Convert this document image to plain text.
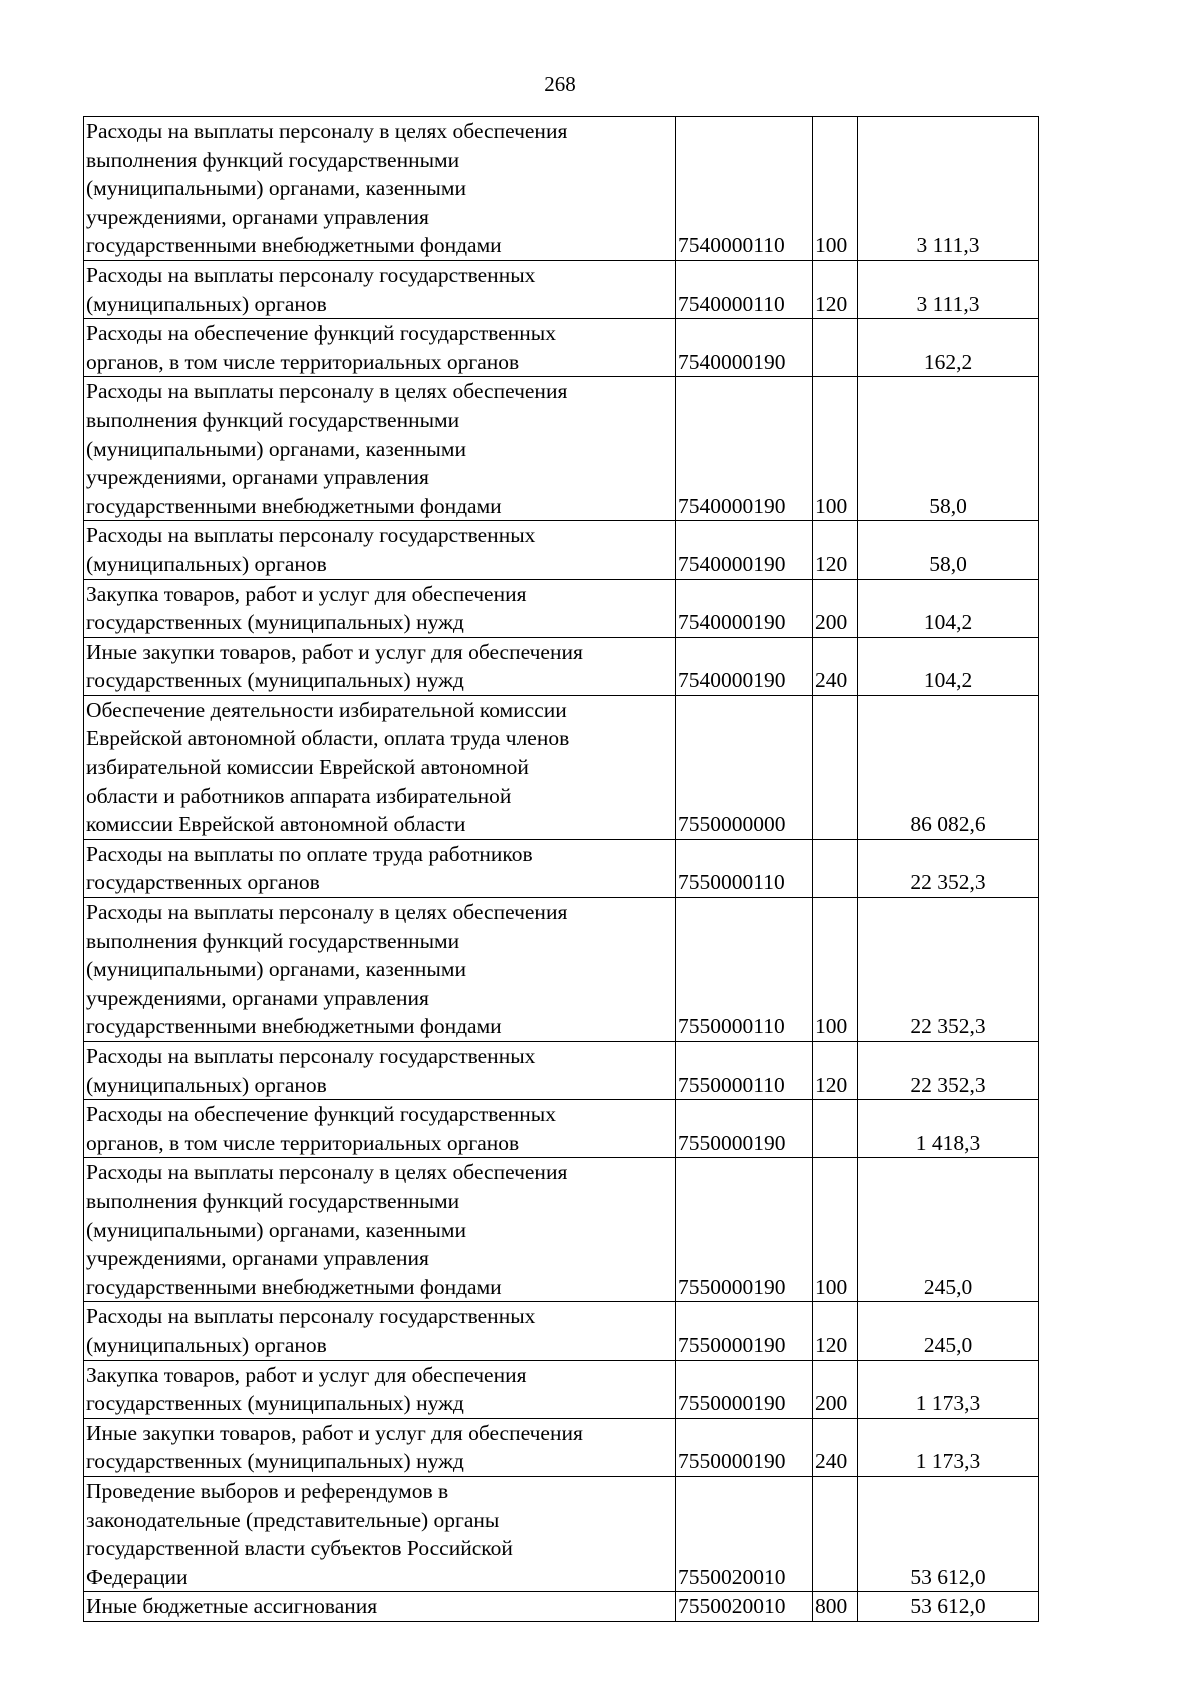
268
Расходы на выплаты персоналу в целях обеспечения
выполнения функций государственными
(муниципальными) органами, казенными
учреждениями, органами управления
государственными внебюджетными фондами	7540000110	100	3 111,3

Расходы на выплаты персоналу государственных
(муниципальных) органов	7540000110	120	3 111,3

Расходы на обеспечение функций государственных
органов, в том числе территориальных органов	7540000190		162,2

Расходы на выплаты персоналу в целях обеспечения
выполнения функций государственными
(муниципальными) органами, казенными
учреждениями, органами управления
государственными внебюджетными фондами	7540000190	100	58,0

Расходы на выплаты персоналу государственных
(муниципальных) органов	7540000190	120	58,0

Закупка товаров, работ и услуг для обеспечения
государственных (муниципальных) нужд	7540000190	200	104,2

Иные закупки товаров, работ и услуг для обеспечения
государственных (муниципальных) нужд	7540000190	240	104,2

Обеспечение деятельности избирательной комиссии
Еврейской автономной области, оплата труда членов
избирательной комиссии Еврейской автономной
области и работников аппарата избирательной
комиссии Еврейской автономной области	7550000000		86 082,6

Расходы на выплаты по оплате труда работников
государственных органов	7550000110		22 352,3

Расходы на выплаты персоналу в целях обеспечения
выполнения функций государственными
(муниципальными) органами, казенными
учреждениями, органами управления
государственными внебюджетными фондами	7550000110	100	22 352,3

Расходы на выплаты персоналу государственных
(муниципальных) органов	7550000110	120	22 352,3

Расходы на обеспечение функций государственных
органов, в том числе территориальных органов	7550000190		1 418,3

Расходы на выплаты персоналу в целях обеспечения
выполнения функций государственными
(муниципальными) органами, казенными
учреждениями, органами управления
государственными внебюджетными фондами	7550000190	100	245,0

Расходы на выплаты персоналу государственных
(муниципальных) органов	7550000190	120	245,0

Закупка товаров, работ и услуг для обеспечения
государственных (муниципальных) нужд	7550000190	200	1 173,3

Иные закупки товаров, работ и услуг для обеспечения
государственных (муниципальных) нужд	7550000190	240	1 173,3

Проведение выборов и референдумов в
законодательные (представительные) органы
государственной власти субъектов Российской
Федерации	7550020010		53 612,0

Иные бюджетные ассигнования	7550020010	800	53 612,0
